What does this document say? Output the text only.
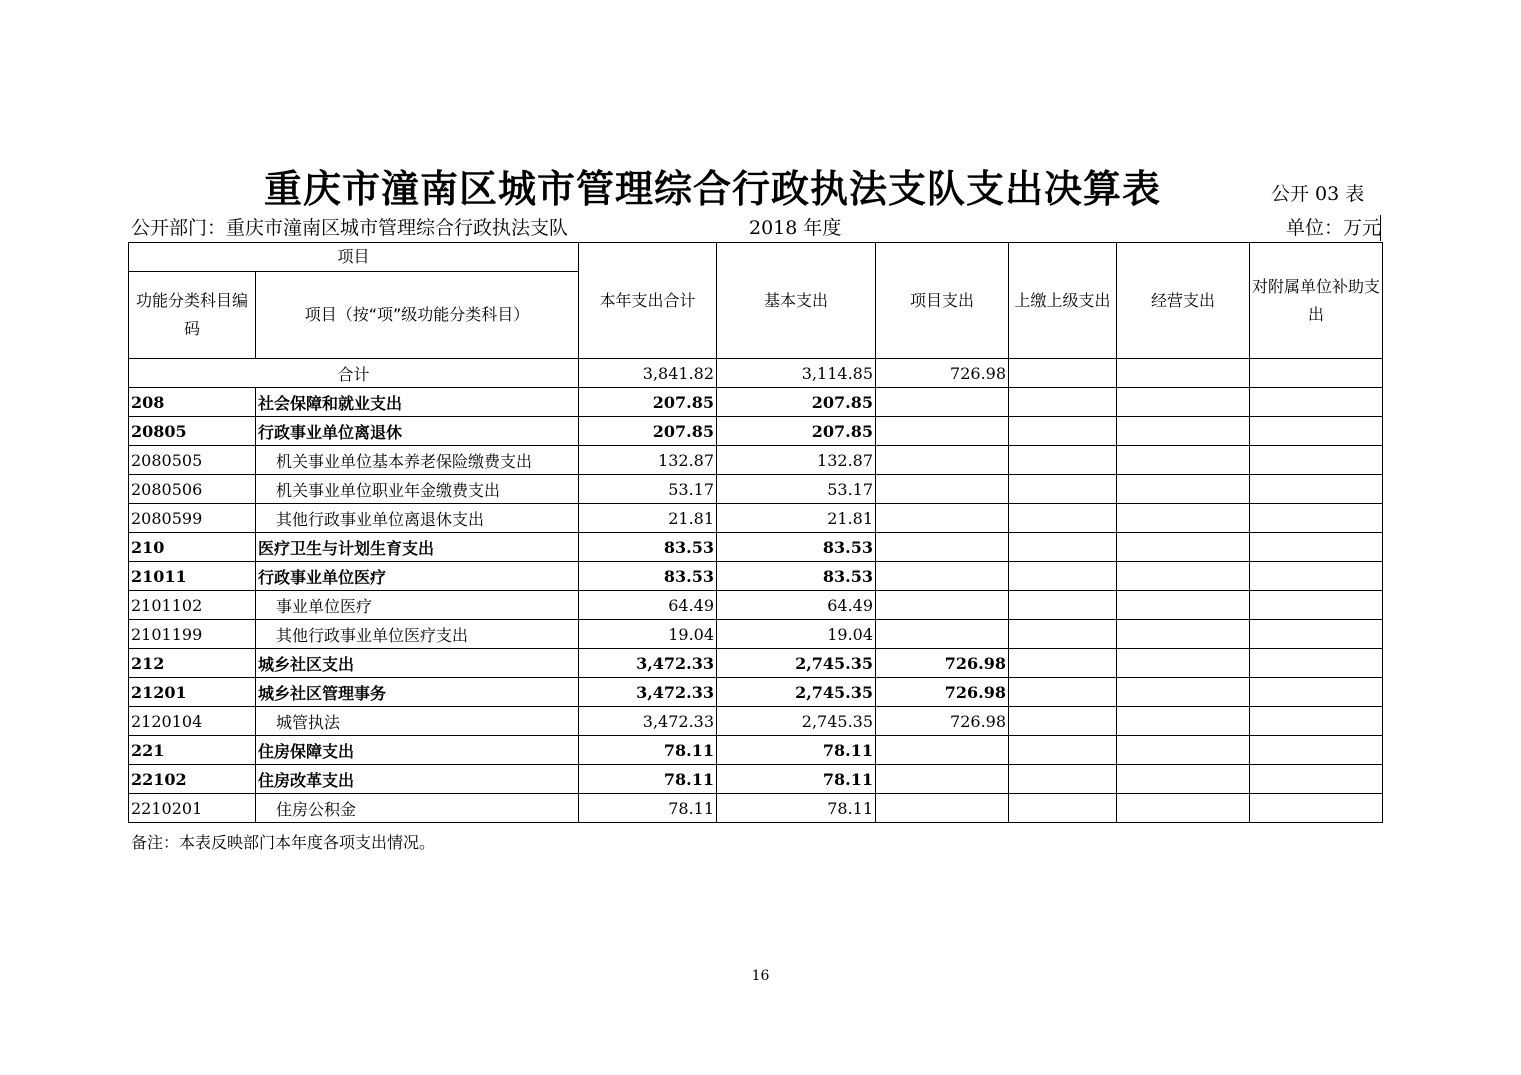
重庆市潼南区城市管理综合行政执法支队支出决算表	公开 03 表
公开部门：重庆市潼南区城市管理综合行政执法支队	2018 年度	单位：万元
项目		本年支出合计	基本支出	项目支出	上缴上级支出	经营支出	对附属单位补助支出
功能分类科目编码	项目（按“项”级功能分类科目）						
合计		3,841.82	3,114.85	726.98			
208	社会保障和就业支出	207.85	207.85				
20805	行政事业单位离退休	207.85	207.85				
2080505	机关事业单位基本养老保险缴费支出	132.87	132.87				
2080506	机关事业单位职业年金缴费支出	53.17	53.17				
2080599	其他行政事业单位离退休支出	21.81	21.81				
210	医疗卫生与计划生育支出	83.53	83.53				
21011	行政事业单位医疗	83.53	83.53				
2101102	事业单位医疗	64.49	64.49				
2101199	其他行政事业单位医疗支出	19.04	19.04				
212	城乡社区支出	3,472.33	2,745.35	726.98			
21201	城乡社区管理事务	3,472.33	2,745.35	726.98			
2120104	城管执法	3,472.33	2,745.35	726.98			
221	住房保障支出	78.11	78.11				
22102	住房改革支出	78.11	78.11				
2210201	住房公积金	78.11	78.11				
备注：本表反映部门本年度各项支出情况。
16
